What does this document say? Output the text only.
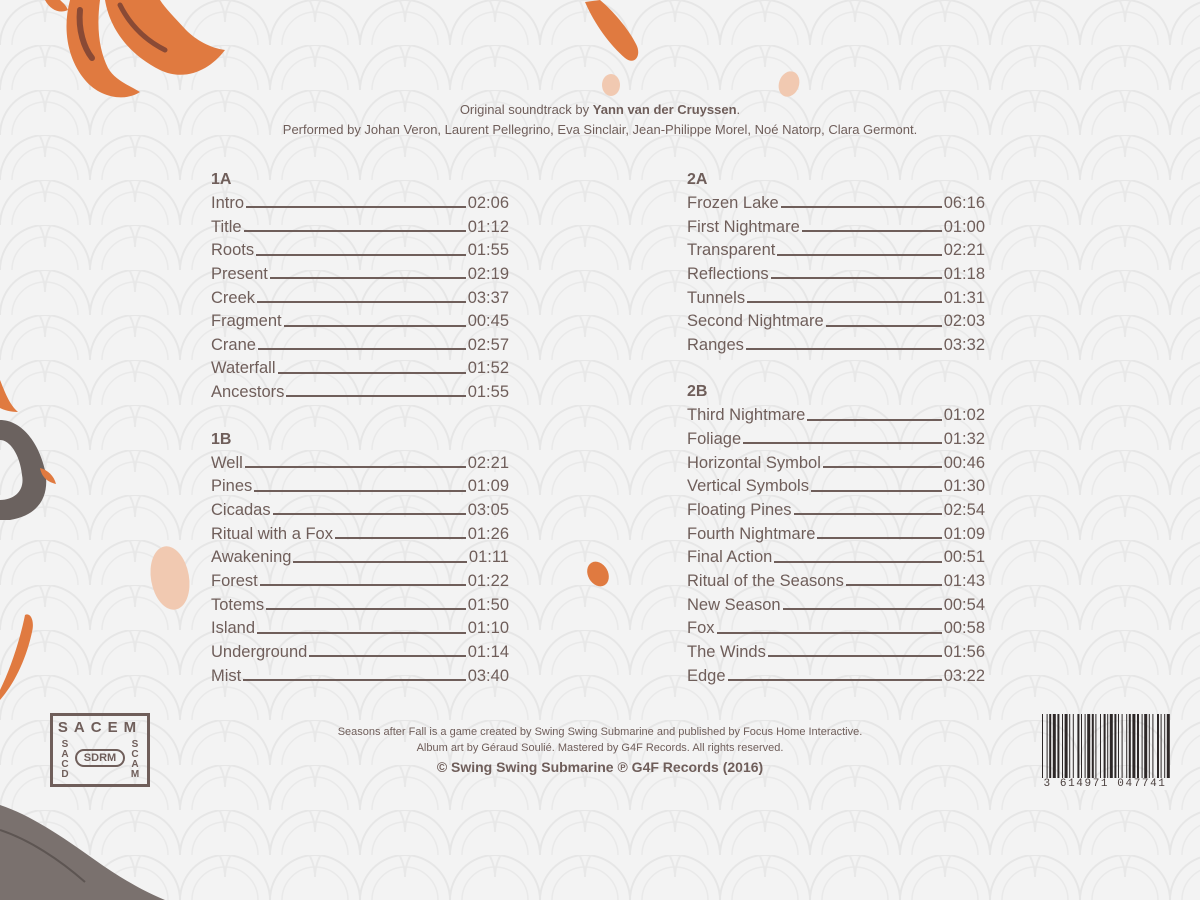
Original soundtrack by Yann van der Cruyssen.
Performed by Johan Veron, Laurent Pellegrino, Eva Sinclair, Jean-Philippe Morel, Noé Natorp, Clara Germont.
1A
Intro	02:06
Title	01:12
Roots	01:55
Present	02:19
Creek	03:37
Fragment	00:45
Crane	02:57
Waterfall	01:52
Ancestors	01:55
1B
Well	02:21
Pines	01:09
Cicadas	03:05
Ritual with a Fox	01:26
Awakening	01:11
Forest	01:22
Totems	01:50
Island	01:10
Underground	01:14
Mist	03:40
2A
Frozen Lake	06:16
First Nightmare	01:00
Transparent	02:21
Reflections	01:18
Tunnels	01:31
Second Nightmare	02:03
Ranges	03:32
2B
Third Nightmare	01:02
Foliage	01:32
Horizontal Symbol	00:46
Vertical Symbols	01:30
Floating Pines	02:54
Fourth Nightmare	01:09
Final Action	00:51
Ritual of the Seasons	01:43
New Season	00:54
Fox	00:58
The Winds	01:56
Edge	03:22
Seasons after Fall is a game created by Swing Swing Submarine and published by Focus Home Interactive.
Album art by Géraud Soulié. Mastered by G4F Records. All rights reserved.
© Swing Swing Submarine ℗ G4F Records (2016)
SACEM
SACD
SCAM
SDRM
3 614971 047741
